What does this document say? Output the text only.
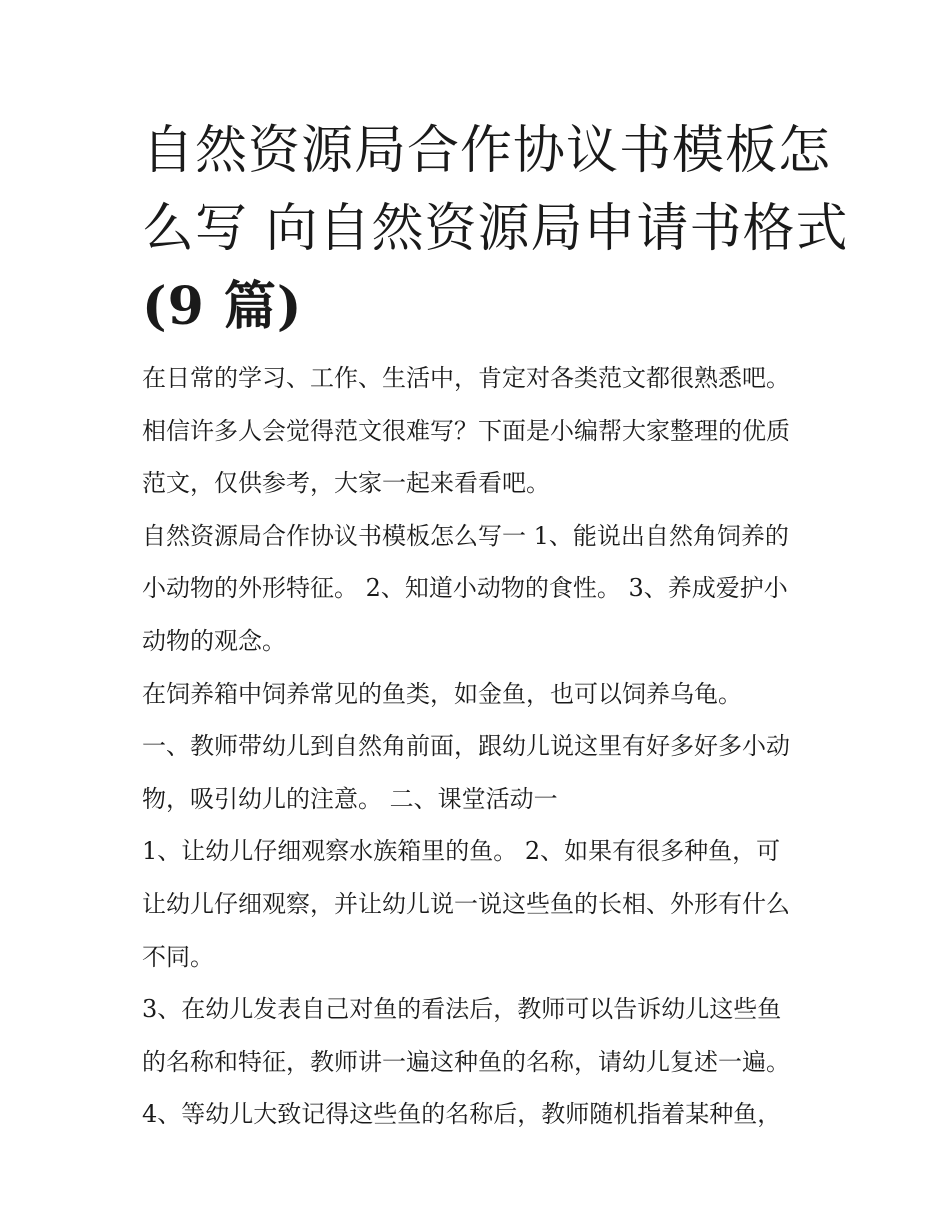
自然资源局合作协议书模板怎
么写 向自然资源局申请书格式
(9 篇)
在日常的学习、工作、生活中，肯定对各类范文都很熟悉吧。
相信许多人会觉得范文很难写？下面是小编帮大家整理的优质
范文，仅供参考，大家一起来看看吧。
自然资源局合作协议书模板怎么写一 1、能说出自然角饲养的
小动物的外形特征。 2、知道小动物的食性。 3、养成爱护小
动物的观念。
在饲养箱中饲养常见的鱼类，如金鱼，也可以饲养乌龟。
一、教师带幼儿到自然角前面，跟幼儿说这里有好多好多小动
物，吸引幼儿的注意。 二、课堂活动一
1、让幼儿仔细观察水族箱里的鱼。 2、如果有很多种鱼，可
让幼儿仔细观察，并让幼儿说一说这些鱼的长相、外形有什么
不同。
3、在幼儿发表自己对鱼的看法后，教师可以告诉幼儿这些鱼
的名称和特征，教师讲一遍这种鱼的名称，请幼儿复述一遍。
4、等幼儿大致记得这些鱼的名称后，教师随机指着某种鱼，
